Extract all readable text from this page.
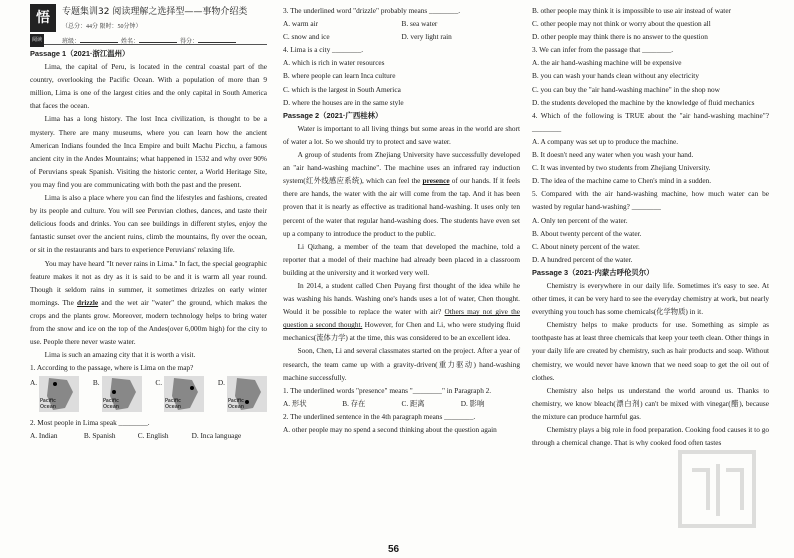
悟
阅读
专题集训32 阅读理解之选择型——事物介绍类
（总分：44分 限时：50分钟）
班级：	姓名：	得分：

Passage 1（2021·浙江温州）

Lima, the capital of Peru, is located in the central coastal part of the country, overlooking the Pacific Ocean. With a population of more than 9 million, Lima is one of the largest cities and the only capital in South America that faces the ocean.

Lima has a long history. The lost Inca civilization, is thought to be a mystery. There are many museums, where you can learn how the ancient American Indians founded the Inca Empire and built Machu Picchu, a famous ancient city in the Andes Mountains; what happened in 1532 and why over 90% of Peruvians speak Spanish. Visiting the historic center, a World Heritage Site, you may find you are communicating with both the past and the present.

Lima is also a place where you can find the lifestyles and fashions, created by its people and culture. You will see Peruvian clothes, dances, and taste their delicious foods and drinks. You can see buildings in different styles, enjoy the fantastic sunset over the ancient ruins, climb the mountains, fly over the ocean, or sit in the restaurants and bars to experience Peruvians' relaxing life.

You may have heard "It never rains in Lima." In fact, the special geographic feature makes it not as dry as it is said to be and it is warm all year round. Though it seldom rains in summer, it sometimes drizzles on early winter mornings. The drizzle and the wet air "water" the ground, which makes the crops and the plants grow. Moreover, modern technology helps to bring water from the snow and ice on the top of the Andes(over 6,000m high) for the city to use. People there never waste water.

Lima is such an amazing city that it is worth a visit.

1. According to the passage, where is Lima on the map?

A.
Pacific
Ocean
B.
Pacific
Ocean
C.
Pacific
Ocean
D.
Pacific
Ocean

2. Most people in Lima speak ________.

A. Indian	B. Spanish	C. English	D. Inca language

3. The underlined word "drizzle" probably means ________.

A. warm air	B. sea water
C. snow and ice	D. very light rain

4. Lima is a city ________.

A. which is rich in water resources

B. where people can learn Inca culture

C. which is the largest in South America

D. where the houses are in the same style

Passage 2（2021·广西桂林）

Water is important to all living things but some areas in the world are short of water a lot. So we should try to protect and save water.

A group of students from Zhejiang University have successfully developed an "air hand-washing machine". The machine uses an infrared ray induction system(红外线感应系统), which can feel the presence of our hands. If it feels there are hands, the water with the air will come from the tap. And it has been proven that it is nearly as effective as traditional hand-washing. It uses only ten percent of the water that regular hand-washing does. The students have even set up a company to introduce the product to the public.

Li Qizhang, a member of the team that developed the machine, told a reporter that a model of their machine had already been placed in a classroom building at the university and it worked very well.

In 2014, a student called Chen Puyang first thought of the idea while he was washing his hands. Washing one's hands uses a lot of water, Chen thought. Would it be possible to replace the water with air? Others may not give the question a second thought. However, for Chen and Li, who were studying fluid mechanics(流体力学) at the time, this was considered to be an excellent idea.

Soon, Chen, Li and several classmates started on the project. After a year of research, the team came up with a gravity-driven(重力驱动) hand-washing machine successfully.

1. The underlined words "presence" means "________" in Paragraph 2.

A. 形状	B. 存在	C. 距离	D. 影响

2. The underlined sentence in the 4th paragraph means ________.

A. other people may no spend a second thinking about the question again

B. other people may think it is impossible to use air instead of water

C. other people may not think or worry about the question all

D. other people may think there is no answer to the question

3. We can infer from the passage that ________.

A. the air hand-washing machine will be expensive

B. you can wash your hands clean without any electricity

C. you can buy the "air hand-washing machine" in the shop now

D. the students developed the machine by the knowledge of fluid mechanics

4. Which of the following is TRUE about the "air hand-washing machine"? ________

A. A company was set up to produce the machine.

B. It doesn't need any water when you wash your hand.

C. It was invented by two students from Zhejiang University.

D. The idea of the machine came to Chen's mind in a sudden.

5. Compared with the air hand-washing machine, how much water can be wasted by regular hand-washing? ________

A. Only ten percent of the water.

B. About twenty percent of the water.

C. About ninety percent of the water.

D. A hundred percent of the water.

Passage 3（2021·内蒙古呼伦贝尔）

Chemistry is everywhere in our daily life. Sometimes it's easy to see. At other times, it can be very hard to see the everyday chemistry at work, but nearly everything you touch has some chemicals(化学物质) in it.

Chemistry helps to make products for use. Something as simple as toothpaste has at least three chemicals that keep your teeth clean. Other things in your daily life are created by chemistry, such as hair products and soap. Without chemistry, we would never have known that we need soap to get the oil out of clothes.

Chemistry also helps us understand the world around us. Thanks to chemistry, we know bleach(漂白剂) can't be mixed with vinegar(醋), because the mixture can produce harmful gas.

Chemistry plays a big role in food preparation. Cooking food causes it to go through a chemical change. That is why cooked food often tastes

56
